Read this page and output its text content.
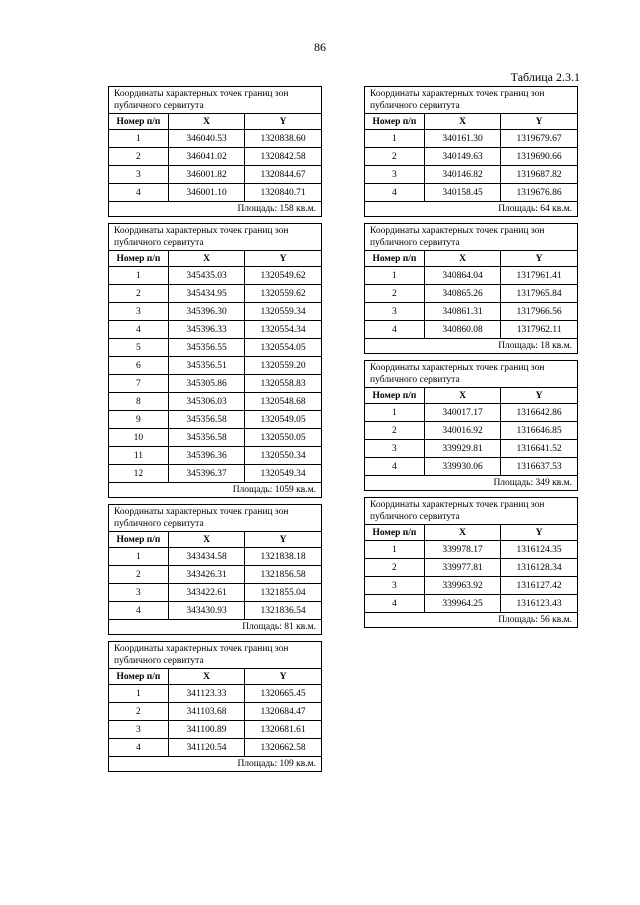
86
Таблица 2.3.1
Координаты характерных точек границ зон публичного сервитута		
Номер п/п	X	Y
1	346040.53	1320838.60
2	346041.02	1320842.58
3	346001.82	1320844.67
4	346001.10	1320840.71
Площадь: 158 кв.м.		
Координаты характерных точек границ зон публичного сервитута		
Номер п/п	X	Y
1	345435.03	1320549.62
2	345434.95	1320559.62
3	345396.30	1320559.34
4	345396.33	1320554.34
5	345356.55	1320554.05
6	345356.51	1320559.20
7	345305.86	1320558.83
8	345306.03	1320548.68
9	345356.58	1320549.05
10	345356.58	1320550.05
11	345396.36	1320550.34
12	345396.37	1320549.34
Площадь: 1059 кв.м.		
Координаты характерных точек границ зон публичного сервитута		
Номер п/п	X	Y
1	343434.58	1321838.18
2	343426.31	1321856.58
3	343422.61	1321855.04
4	343430.93	1321836.54
Площадь: 81 кв.м.		
Координаты характерных точек границ зон публичного сервитута		
Номер п/п	X	Y
1	341123.33	1320665.45
2	341103.68	1320684.47
3	341100.89	1320681.61
4	341120.54	1320662.58
Площадь: 109 кв.м.		
Координаты характерных точек границ зон публичного сервитута		
Номер п/п	X	Y
1	340161.30	1319679.67
2	340149.63	1319690.66
3	340146.82	1319687.82
4	340158.45	1319676.86
Площадь: 64 кв.м.		
Координаты характерных точек границ зон публичного сервитута		
Номер п/п	X	Y
1	340864.04	1317961.41
2	340865.26	1317965.84
3	340861.31	1317966.56
4	340860.08	1317962.11
Площадь: 18 кв.м.		
Координаты характерных точек границ зон публичного сервитута		
Номер п/п	X	Y
1	340017.17	1316642.86
2	340016.92	1316646.85
3	339929.81	1316641.52
4	339930.06	1316637.53
Площадь: 349 кв.м.		
Координаты характерных точек границ зон публичного сервитута		
Номер п/п	X	Y
1	339978.17	1316124.35
2	339977.81	1316128.34
3	339963.92	1316127.42
4	339964.25	1316123.43
Площадь: 56 кв.м.		
